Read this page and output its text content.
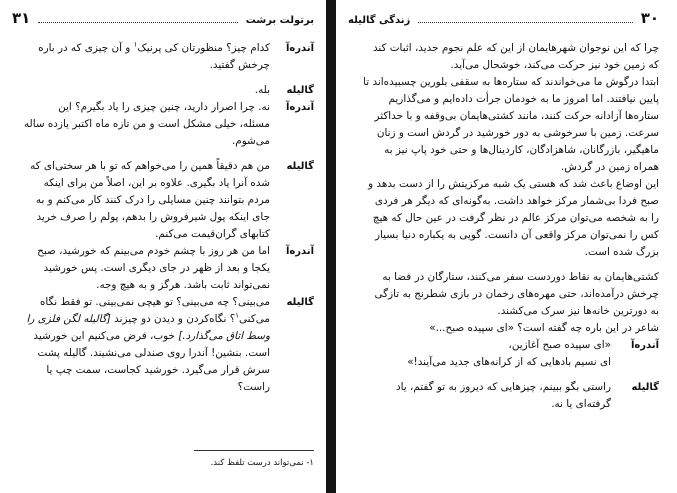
برتولت برشت
۳۱
آندره‌آ
کدام چیز؟ منظورتان کی پرنیک$^۱$ و آن چیزی که در باره
چرخش گفتید.
گالیله
بله.
آندره‌آ
نه. چرا اصرار دارید، چنین چیزی را یاد بگیرم؟ این
مسئله، خیلی مشکل است و من تازه ماه اکتبر یازده ساله
می‌شوم.
گالیله
من هم دقیقاً همین را می‌خواهم که تو با هر سختی‌ای که
شده آنرا یاد بگیری. علاوه بر این، اصلاً من برای اینکه
مردم بتوانند چنین مسایلی را درک کنند کار می‌کنم و به
جای اینکه پول شیرفروش را بدهم، پولم را صرف خرید
کتابهای گران‌قیمت می‌کنم.
آندره‌آ
اما من هر روز با چشم خودم می‌بینم که خورشید، صبح
یکجا و بعد از ظهر در جای دیگری است. پس خورشید
نمی‌تواند ثابت باشد. هرگز و به هیچ وجه.
گالیله
می‌بینی؟ چه می‌بینی؟ تو هیچی نمی‌بینی. تو فقط نگاه
می‌کنی$^۱$؟ نگاه‌کردن و دیدن دو چیزند [گالیله لگن فلزی را
وسط اتاق می‌گذارد.] خوب، فرض می‌کنیم این خورشید
است. بنشین! آندرا روی صندلی می‌نشیند. گالیله پشت
سرش قرار می‌گیرد. خورشید کجاست، سمت چپ یا
راست؟
۱- نمی‌تواند درست تلفظ کند.
۳۰
زندگی گالیله
چرا که این نوجوان شهرهایمان از این که علم نجوم جدید، اثبات کند
که زمین خود نیز حرکت می‌کند، خوشحال می‌آید.
ابتدا درگوش ما می‌خواندند که ستاره‌ها به سقفی بلورین چسبیده‌اند تا
پایین نیافتند. اما امروز ما به خودمان جرأت داده‌ایم و می‌گذاریم
ستاره‌ها آزادانه حرکت کنند، مانند کشتی‌هایمان بی‌وقفه و با حداکثر
سرعت. زمین با سرخوشی به دور خورشید در گردش است و زنان
ماهیگیر، بازرگانان، شاهزادگان، کاردینال‌ها و حتی خود پاپ نیز به
همراه زمین در گردش.
این اوضاع باعث شد که هستی یک شبه مرکزیتش را از دست بدهد و
صبح فردا بی‌شمار مرکز خواهد داشت. به‌گونه‌ای که دیگر هر فردی
را به شخصه می‌توان مرکز عالم در نظر گرفت در عین حال که هیچ
کس را نمی‌توان مرکز واقعی آن دانست. گویی به یکباره دنیا بسیار
بزرگ شده است.
کشتی‌هایمان به نقاط دوردست سفر می‌کنند، ستارگان در فضا به
چرخش درآمده‌اند، حتی مهره‌های رخمان در بازی شطرنج به تازگی
به دورترین خانه‌ها نیز سرک می‌کشند.
شاعر در این باره چه گفته است؟ «ای سپیده صبح...»
آندره‌آ
«ای سپیده صبح آغازین،
ای نسیم بادهایی که از کرانه‌های جدید می‌آیند!»
گالیله
راستی بگو ببینم، چیزهایی که دیروز به تو گفتم، یاد
گرفته‌ای یا نه.
